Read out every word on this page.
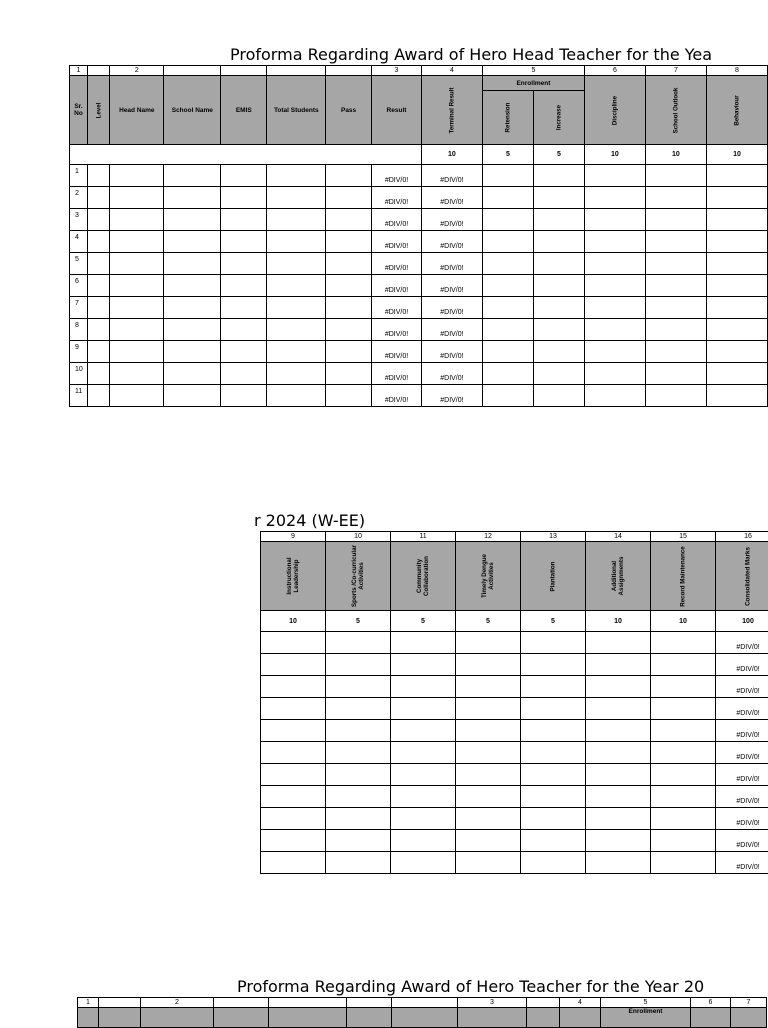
Proforma Regarding Award of Hero Head Teacher for the Yea
1		2					3	4	5		6	7	8
Sr. No	Level	Head Name	School Name	EMIS	Total Students	Pass	Result	Terminal Result	Enrollment		Discipline	School Outlook	Behaviour
									Retension	Increase			
								10	5	5	10	10	10
1							#DIV/0!	#DIV/0!					
2							#DIV/0!	#DIV/0!					
3							#DIV/0!	#DIV/0!					
4							#DIV/0!	#DIV/0!					
5							#DIV/0!	#DIV/0!					
6							#DIV/0!	#DIV/0!					
7							#DIV/0!	#DIV/0!					
8							#DIV/0!	#DIV/0!					
9							#DIV/0!	#DIV/0!					
10							#DIV/0!	#DIV/0!					
11							#DIV/0!	#DIV/0!					
r 2024 (W-EE)
9	10	11	12	13	14	15	16
Instructional Leadership	Sports /Co-curricular Activities	Community Collaboration	Timely Dengue Activities	Plantation	Additional Assignments	Record Maintenance	Consolidated Marks
10	5	5	5	5	10	10	100
							#DIV/0!
							#DIV/0!
							#DIV/0!
							#DIV/0!
							#DIV/0!
							#DIV/0!
							#DIV/0!
							#DIV/0!
							#DIV/0!
							#DIV/0!
							#DIV/0!
Proforma Regarding Award of Hero Teacher for the Year 20
1		2					3		4	5	6	7
										Enrollment		
